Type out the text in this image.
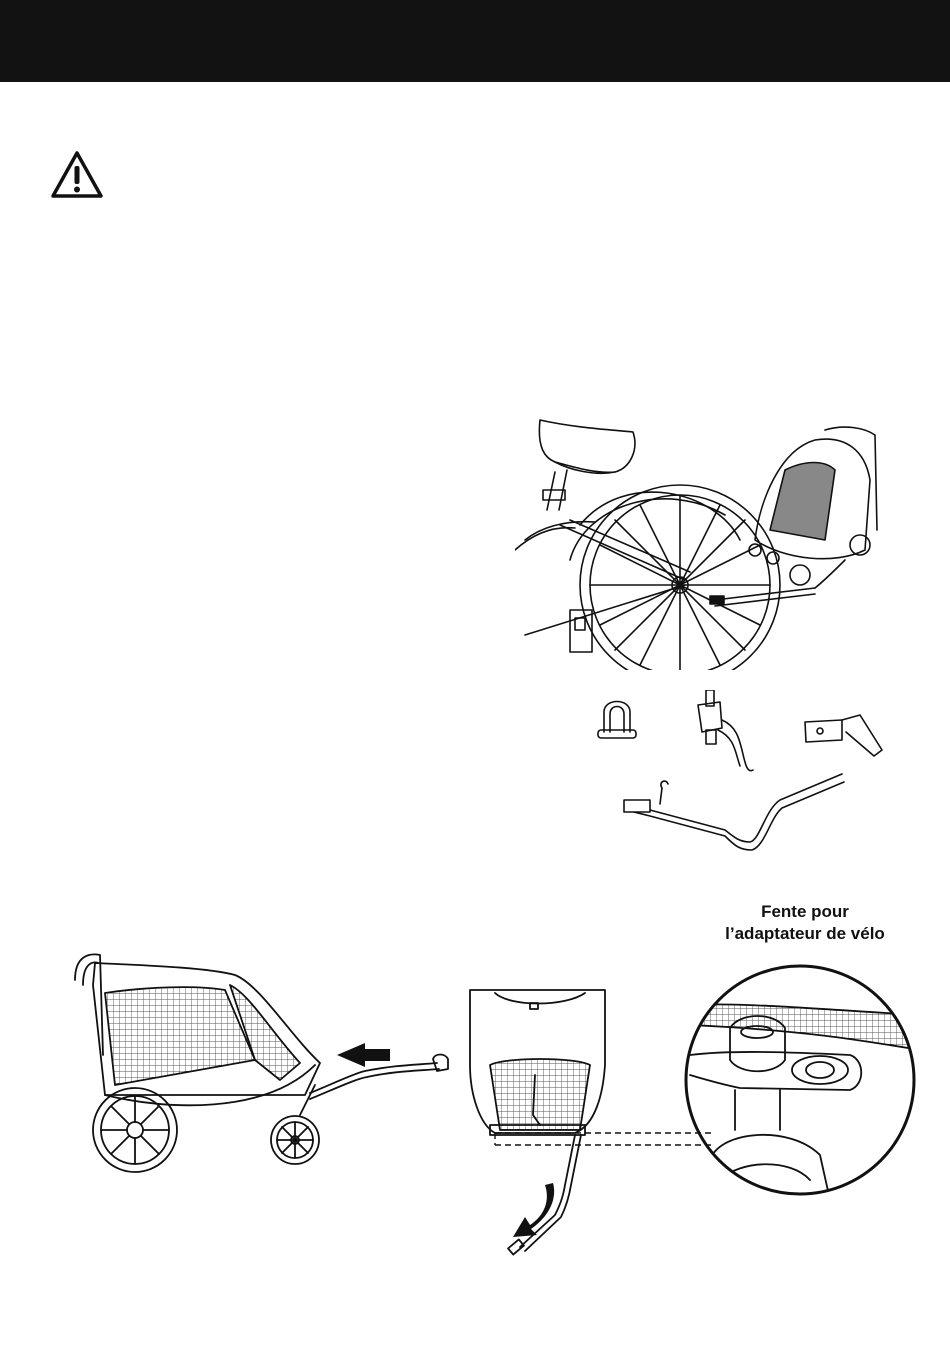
Fente pour
l’adaptateur de vélo
